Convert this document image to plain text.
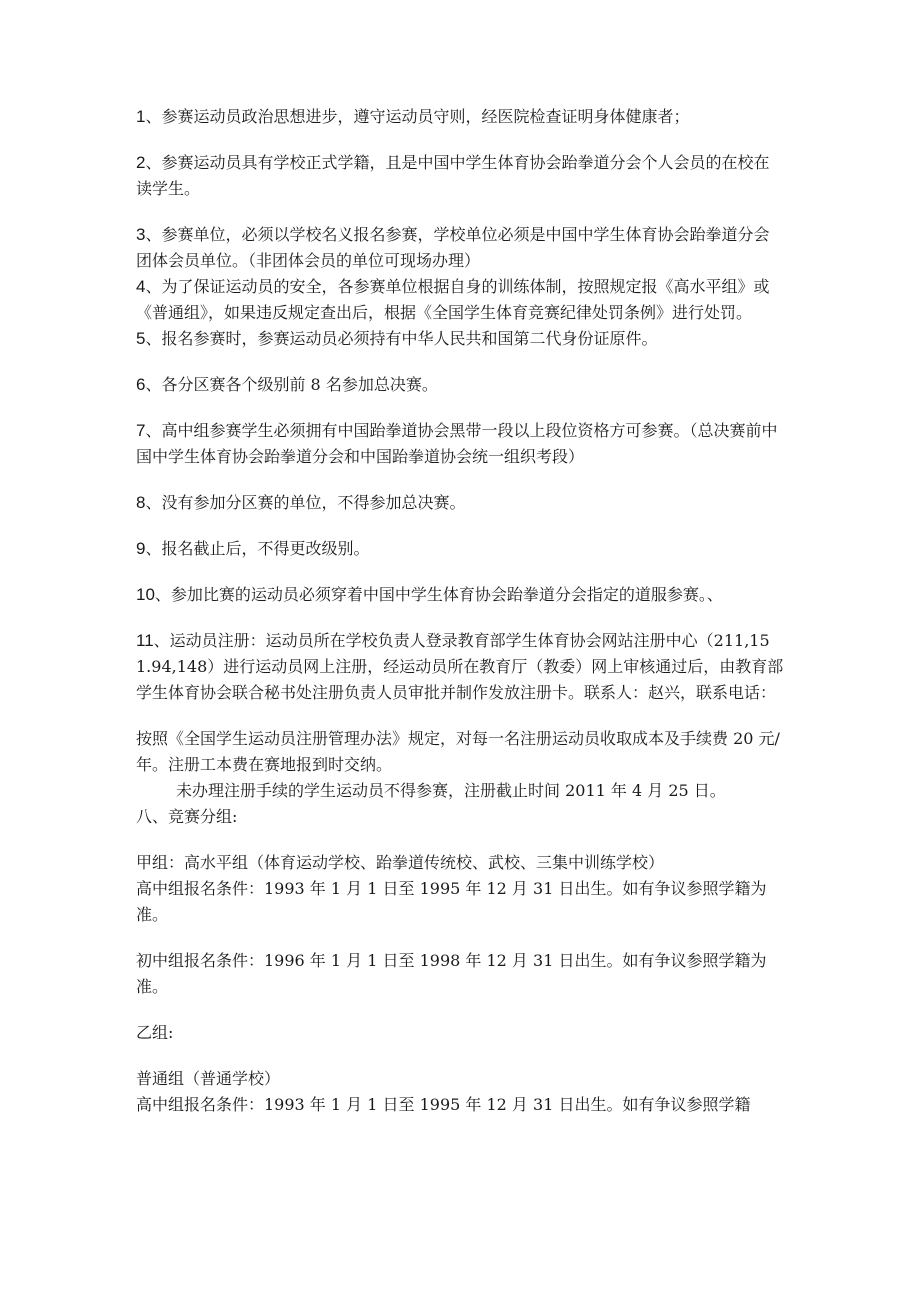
1、参赛运动员政治思想进步，遵守运动员守则，经医院检查证明身体健康者；

2、参赛运动员具有学校正式学籍，且是中国中学生体育协会跆拳道分会个人会员的在校在读学生。

3、参赛单位，必须以学校名义报名参赛，学校单位必须是中国中学生体育协会跆拳道分会团体会员单位。（非团体会员的单位可现场办理）

4、为了保证运动员的安全，各参赛单位根据自身的训练体制，按照规定报《高水平组》或《普通组》，如果违反规定查出后，根据《全国学生体育竞赛纪律处罚条例》进行处罚。

5、报名参赛时，参赛运动员必须持有中华人民共和国第二代身份证原件。

6、各分区赛各个级别前 8 名参加总决赛。

7、高中组参赛学生必须拥有中国跆拳道协会黑带一段以上段位资格方可参赛。（总决赛前中国中学生体育协会跆拳道分会和中国跆拳道协会统一组织考段）

8、没有参加分区赛的单位，不得参加总决赛。

9、报名截止后，不得更改级别。

10、参加比赛的运动员必须穿着中国中学生体育协会跆拳道分会指定的道服参赛。、

11、运动员注册：运动员所在学校负责人登录教育部学生体育协会网站注册中心（211,151.94,148）进行运动员网上注册，经运动员所在教育厅（教委）网上审核通过后，由教育部学生体育协会联合秘书处注册负责人员审批并制作发放注册卡。联系人：赵兴，联系电话：

按照《全国学生运动员注册管理办法》规定，对每一名注册运动员收取成本及手续费 20 元/年。注册工本费在赛地报到时交纳。

未办理注册手续的学生运动员不得参赛，注册截止时间 2011 年 4 月 25 日。

八、竞赛分组:

甲组：高水平组（体育运动学校、跆拳道传统校、武校、三集中训练学校）

高中组报名条件：1993 年 1 月 1 日至 1995 年 12 月 31 日出生。如有争议参照学籍为准。

初中组报名条件：1996 年 1 月 1 日至 1998 年 12 月 31 日出生。如有争议参照学籍为准。

乙组:

普通组（普通学校）

高中组报名条件：1993 年 1 月 1 日至 1995 年 12 月 31 日出生。如有争议参照学籍
